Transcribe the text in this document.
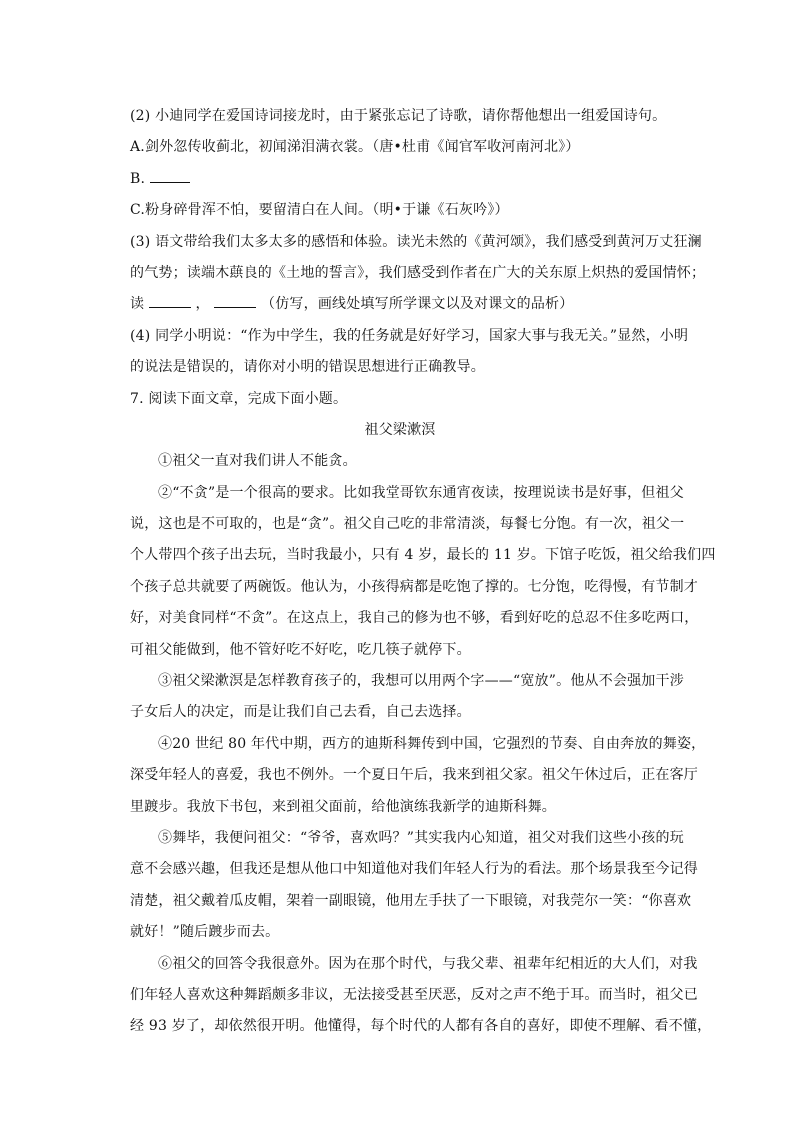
(2) 小迪同学在爱国诗词接龙时，由于紧张忘记了诗歌，请你帮他想出一组爱国诗句。
A.剑外忽传收蓟北，初闻涕泪满衣裳。（唐•杜甫《闻官军收河南河北》）
B.
C.粉身碎骨浑不怕，要留清白在人间。（明•于谦《石灰吟》）
(3) 语文带给我们太多太多的感悟和体验。读光未然的《黄河颂》，我们感受到黄河万丈狂澜
的气势；读端木蕻良的《土地的誓言》，我们感受到作者在广大的关东原上炽热的爱国情怀；
读	，	（仿写，画线处填写所学课文以及对课文的品析）
(4) 同学小明说：“作为中学生，我的任务就是好好学习，国家大事与我无关。”显然，小明
的说法是错误的，请你对小明的错误思想进行正确教导。
7. 阅读下面文章，完成下面小题。
祖父梁漱溟
①祖父一直对我们讲人不能贪。
②“不贪”是一个很高的要求。比如我堂哥钦东通宵夜读，按理说读书是好事，但祖父
说，这也是不可取的，也是“贪”。祖父自己吃的非常清淡，每餐七分饱。有一次，祖父一
个人带四个孩子出去玩，当时我最小，只有 4 岁，最长的 11 岁。下馆子吃饭，祖父给我们四
个孩子总共就要了两碗饭。他认为，小孩得病都是吃饱了撑的。七分饱，吃得慢，有节制才
好，对美食同样“不贪”。在这点上，我自己的修为也不够，看到好吃的总忍不住多吃两口，
可祖父能做到，他不管好吃不好吃，吃几筷子就停下。
③祖父梁漱溟是怎样教育孩子的，我想可以用两个字——“宽放”。他从不会强加干涉
子女后人的决定，而是让我们自己去看，自己去选择。
④20 世纪 80 年代中期，西方的迪斯科舞传到中国，它强烈的节奏、自由奔放的舞姿，
深受年轻人的喜爱，我也不例外。一个夏日午后，我来到祖父家。祖父午休过后，正在客厅
里踱步。我放下书包，来到祖父面前，给他演练我新学的迪斯科舞。
⑤舞毕，我便问祖父：“爷爷，喜欢吗？”其实我内心知道，祖父对我们这些小孩的玩
意不会感兴趣，但我还是想从他口中知道他对我们年轻人行为的看法。那个场景我至今记得
清楚，祖父戴着瓜皮帽，架着一副眼镜，他用左手扶了一下眼镜，对我莞尔一笑：“你喜欢
就好！”随后踱步而去。
⑥祖父的回答令我很意外。因为在那个时代，与我父辈、祖辈年纪相近的大人们，对我
们年轻人喜欢这种舞蹈颇多非议，无法接受甚至厌恶，反对之声不绝于耳。而当时，祖父已
经 93 岁了，却依然很开明。他懂得，每个时代的人都有各自的喜好，即使不理解、看不懂，
